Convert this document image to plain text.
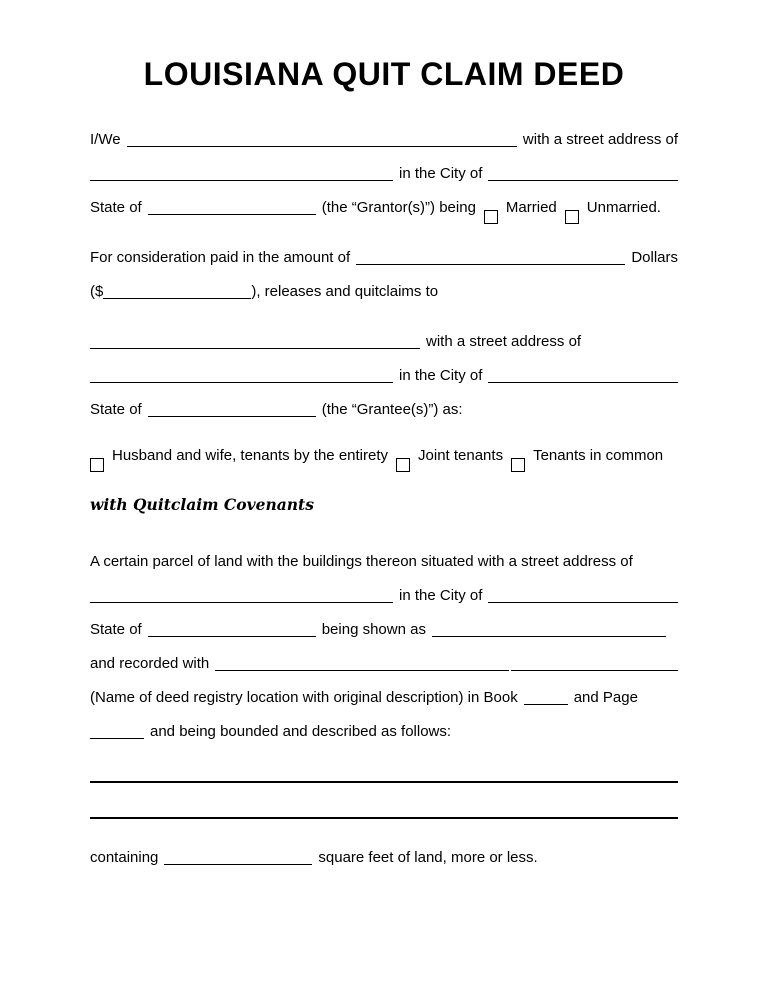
LOUISIANA QUIT CLAIM DEED
I/We	with a street address of
in the City of
State of	(the “Grantor(s)”) being Married Unmarried.
For consideration paid in the amount of	Dollars
($	), releases and quitclaims to
with a street address of
in the City of
State of	(the “Grantee(s)”) as:
Husband and wife, tenants by the entirety Joint tenants Tenants in common
with Quitclaim Covenants
A certain parcel of land with the buildings thereon situated with a street address of
in the City of
State of	being shown as
and recorded with
(Name of deed registry location with original description) in Book	and Page
and being bounded and described as follows:
containing	square feet of land, more or less.
